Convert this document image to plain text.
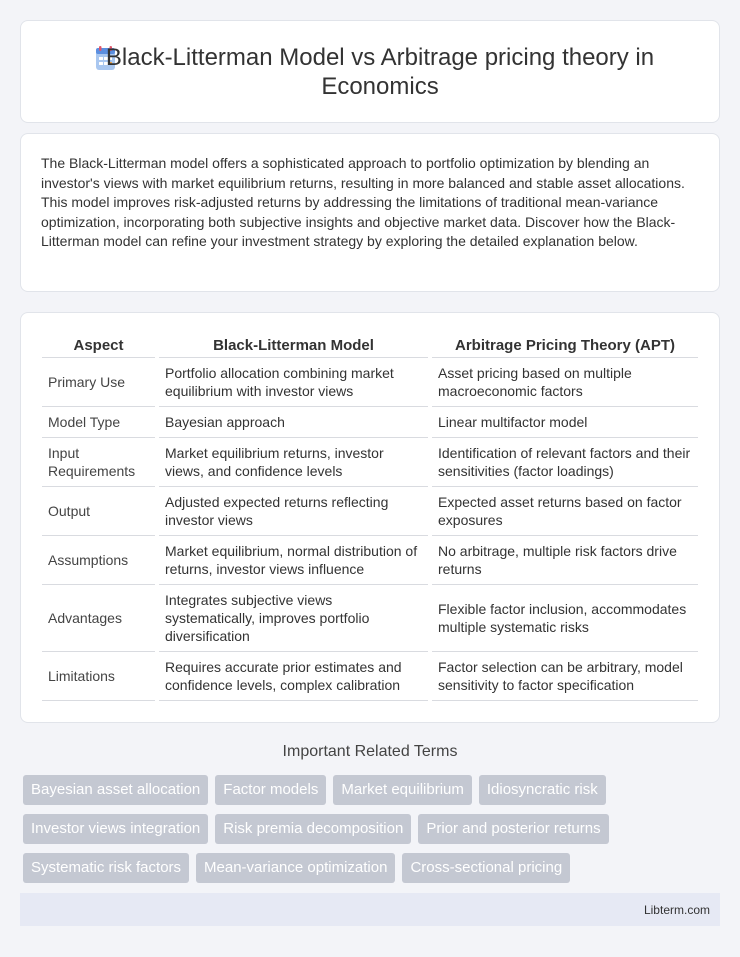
Black-Litterman Model vs Arbitrage pricing theory in Economics

The Black-Litterman model offers a sophisticated approach to portfolio optimization by blending an investor's views with market equilibrium returns, resulting in more balanced and stable asset allocations. This model improves risk-adjusted returns by addressing the limitations of traditional mean-variance optimization, incorporating both subjective insights and objective market data. Discover how the Black-Litterman model can refine your investment strategy by exploring the detailed explanation below.

Aspect	Black-Litterman Model	Arbitrage Pricing Theory (APT)
Primary Use	Portfolio allocation combining market equilibrium with investor views	Asset pricing based on multiple macroeconomic factors
Model Type	Bayesian approach	Linear multifactor model
Input Requirements	Market equilibrium returns, investor views, and confidence levels	Identification of relevant factors and their sensitivities (factor loadings)
Output	Adjusted expected returns reflecting investor views	Expected asset returns based on factor exposures
Assumptions	Market equilibrium, normal distribution of returns, investor views influence	No arbitrage, multiple risk factors drive returns
Advantages	Integrates subjective views systematically, improves portfolio diversification	Flexible factor inclusion, accommodates multiple systematic risks
Limitations	Requires accurate prior estimates and confidence levels, complex calibration	Factor selection can be arbitrary, model sensitivity to factor specification
Important Related Terms
Bayesian asset allocation	Factor models	Market equilibrium	Idiosyncratic risk
Investor views integration	Risk premia decomposition	Prior and posterior returns
Systematic risk factors	Mean-variance optimization	Cross-sectional pricing
Libterm.com
